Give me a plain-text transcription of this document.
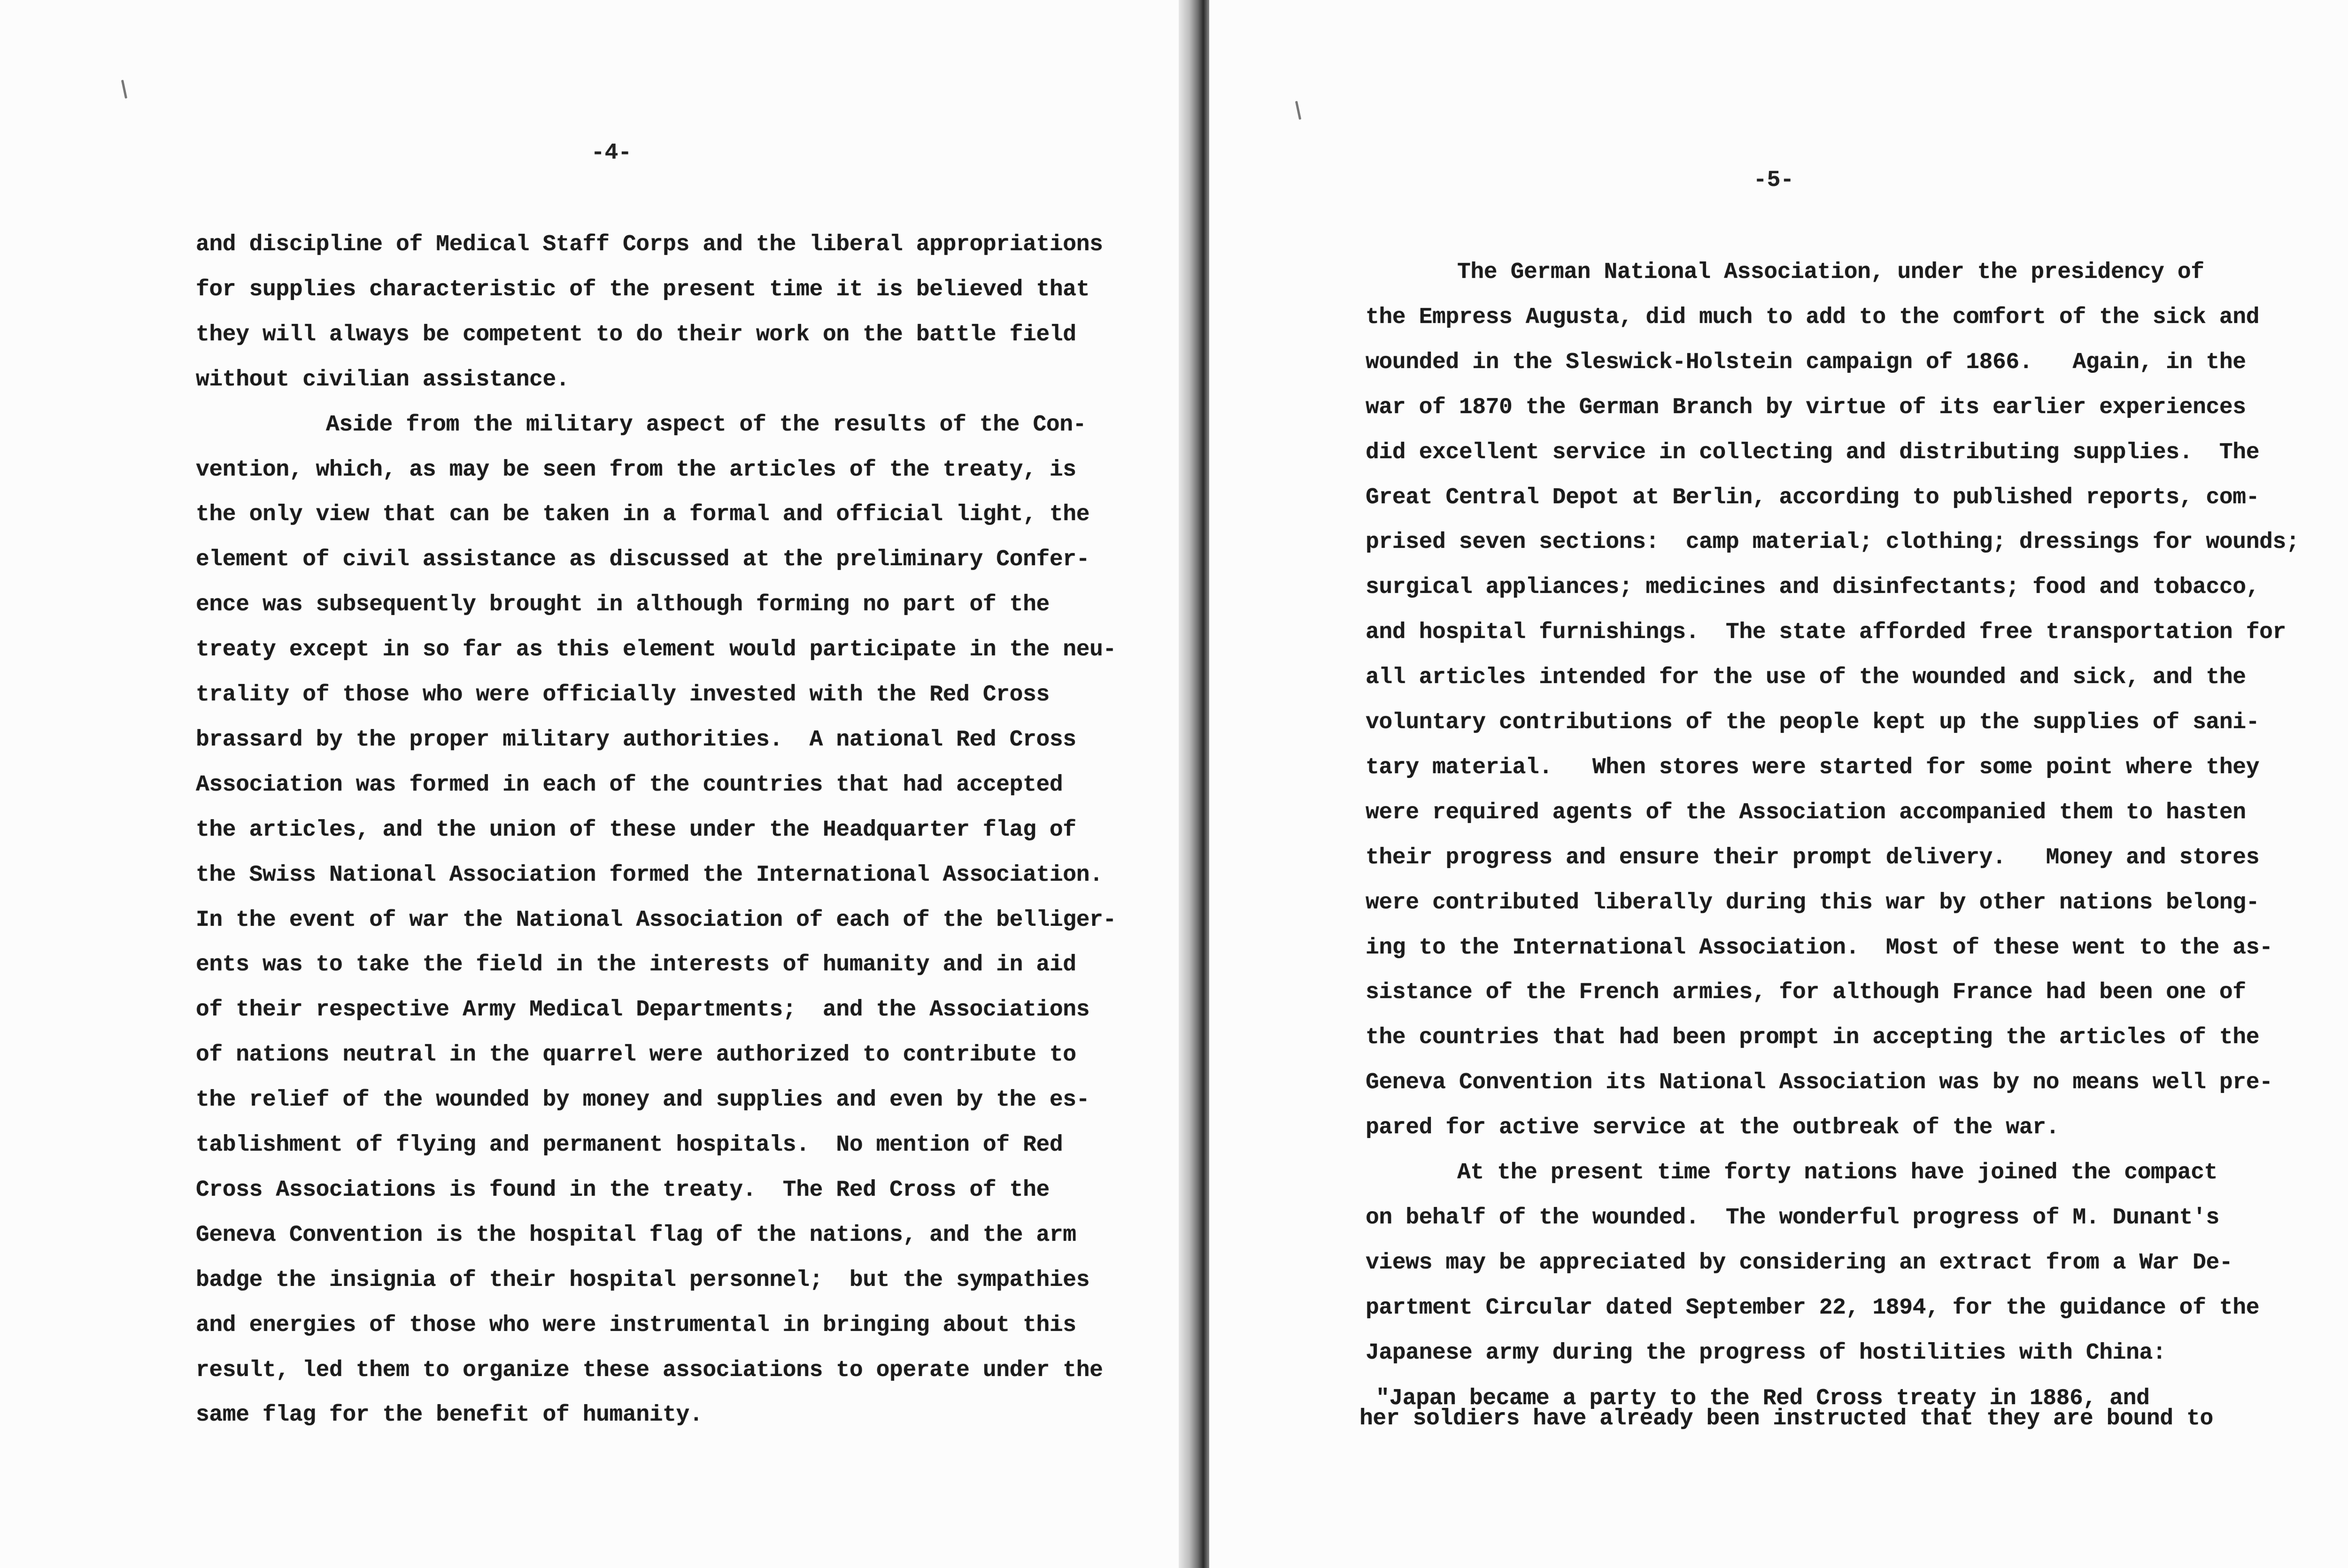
-4-
and discipline of Medical Staff Corps and the liberal appropriations
for supplies characteristic of the present time it is believed that
they will always be competent to do their work on the battle field
without civilian assistance.
Aside from the military aspect of the results of the Con-
vention, which, as may be seen from the articles of the treaty, is
the only view that can be taken in a formal and official light, the
element of civil assistance as discussed at the preliminary Confer-
ence was subsequently brought in although forming no part of the
treaty except in so far as this element would participate in the neu-
trality of those who were officially invested with the Red Cross
brassard by the proper military authorities.  A national Red Cross
Association was formed in each of the countries that had accepted
the articles, and the union of these under the Headquarter flag of
the Swiss National Association formed the International Association.
In the event of war the National Association of each of the belliger-
ents was to take the field in the interests of humanity and in aid
of their respective Army Medical Departments;  and the Associations
of nations neutral in the quarrel were authorized to contribute to
the relief of the wounded by money and supplies and even by the es-
tablishment of flying and permanent hospitals.  No mention of Red
Cross Associations is found in the treaty.  The Red Cross of the
Geneva Convention is the hospital flag of the nations, and the arm
badge the insignia of their hospital personnel;  but the sympathies
and energies of those who were instrumental in bringing about this
result, led them to organize these associations to operate under the
same flag for the benefit of humanity.
-5-
The German National Association, under the presidency of
the Empress Augusta, did much to add to the comfort of the sick and
wounded in the Sleswick-Holstein campaign of 1866.   Again, in the
war of 1870 the German Branch by virtue of its earlier experiences
did excellent service in collecting and distributing supplies.  The
Great Central Depot at Berlin, according to published reports, com-
prised seven sections:  camp material; clothing; dressings for wounds;
surgical appliances; medicines and disinfectants; food and tobacco,
and hospital furnishings.  The state afforded free transportation for
all articles intended for the use of the wounded and sick, and the
voluntary contributions of the people kept up the supplies of sani-
tary material.   When stores were started for some point where they
were required agents of the Association accompanied them to hasten
their progress and ensure their prompt delivery.   Money and stores
were contributed liberally during this war by other nations belong-
ing to the International Association.  Most of these went to the as-
sistance of the French armies, for although France had been one of
the countries that had been prompt in accepting the articles of the
Geneva Convention its National Association was by no means well pre-
pared for active service at the outbreak of the war.
At the present time forty nations have joined the compact
on behalf of the wounded.  The wonderful progress of M. Dunant's
views may be appreciated by considering an extract from a War De-
partment Circular dated September 22, 1894, for the guidance of the
Japanese army during the progress of hostilities with China:
"Japan became a party to the Red Cross treaty in 1886, and
her soldiers have already been instructed that they are bound to
